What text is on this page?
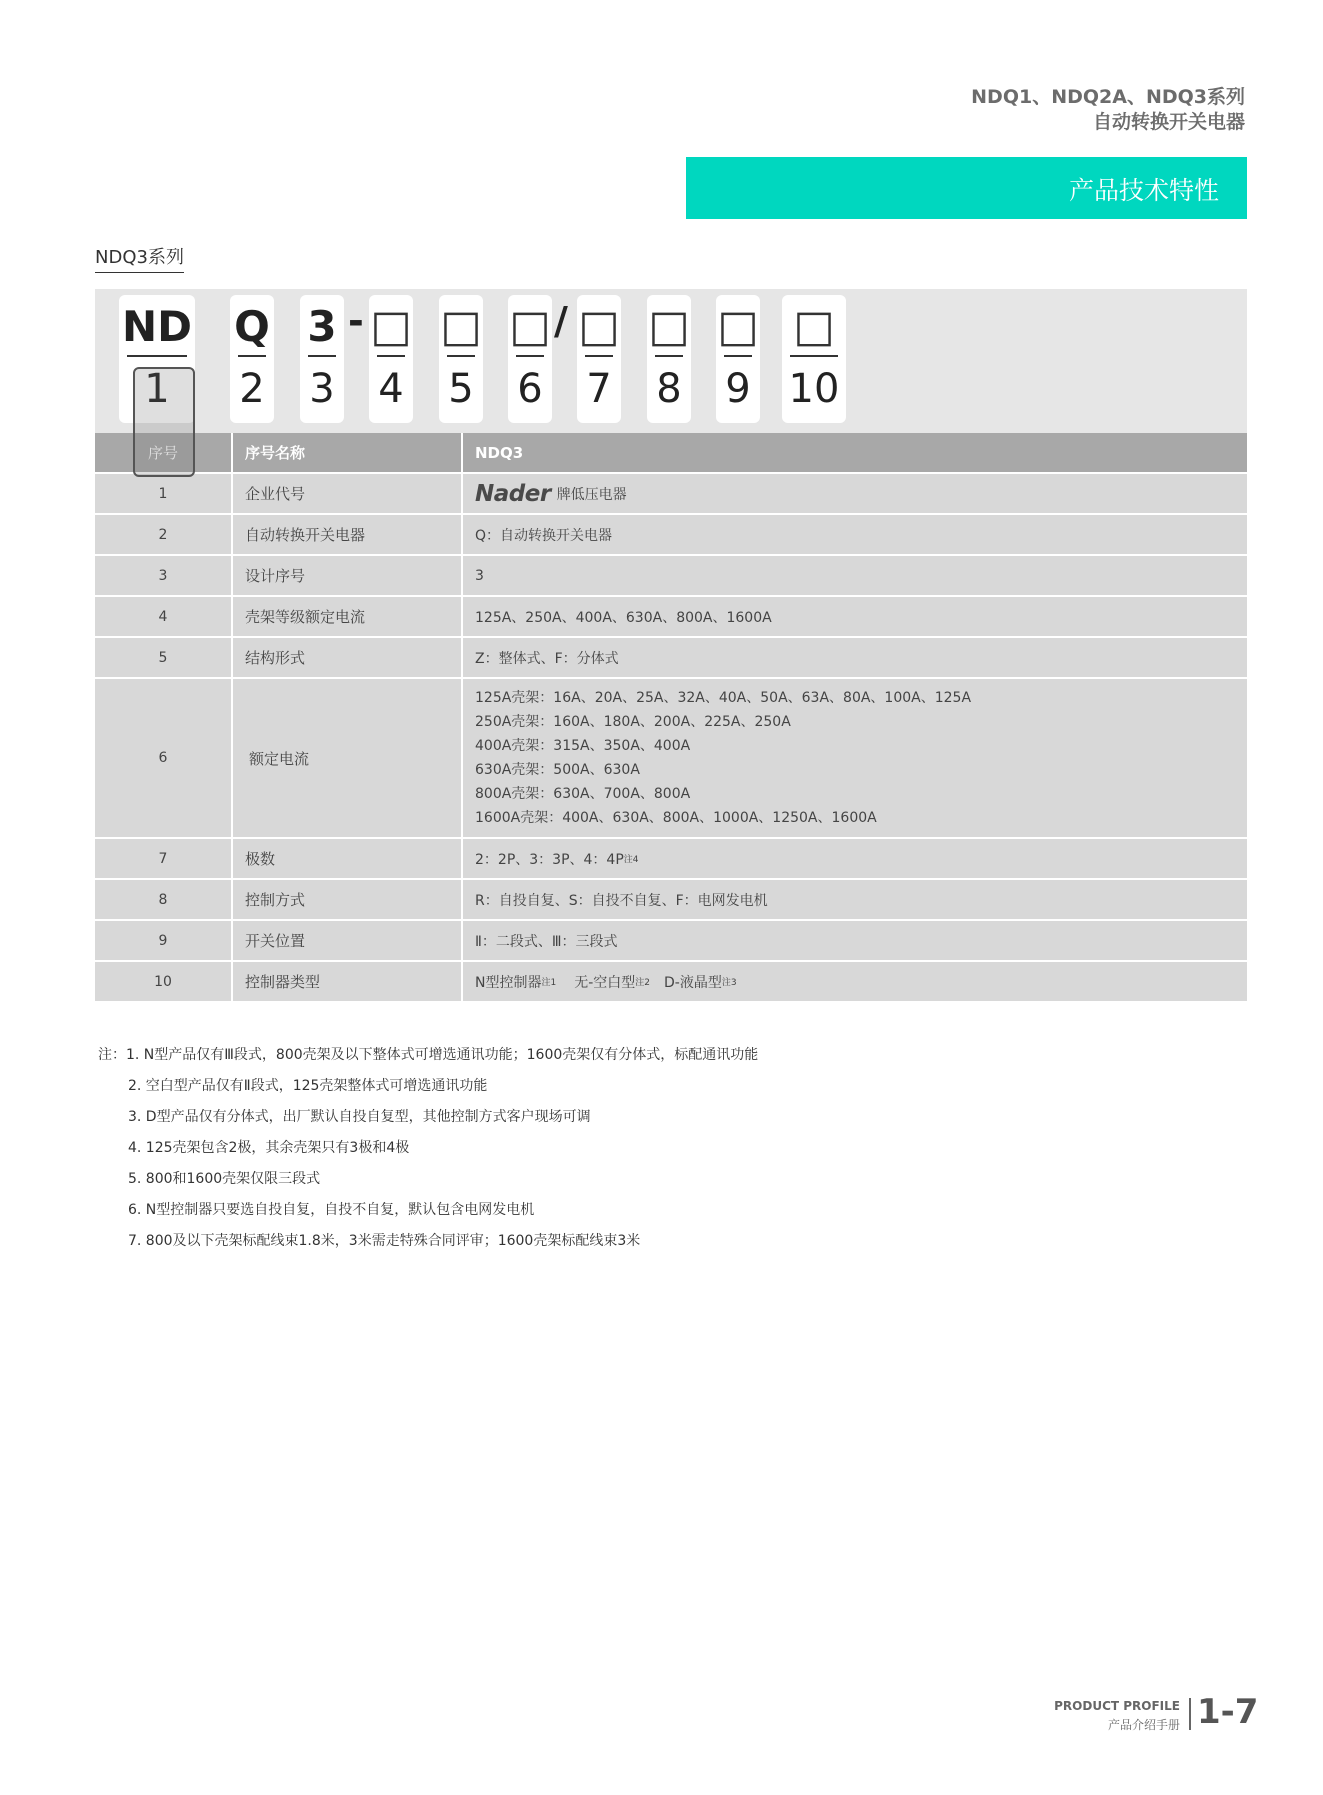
NDQ1、NDQ2A、NDQ3系列
自动转换开关电器
产品技术特性
NDQ3系列
ND
1
Q
2
3
3
- □
4
□
5
□
6
/ □
7
□
8
□
9
□
10
序号	序号名称	NDQ3
1	企业代号	Nader 牌低压电器
2	自动转换开关电器	Q：自动转换开关电器
3	设计序号	3
4	壳架等级额定电流	125A、250A、400A、630A、800A、1600A
5	结构形式	Z：整体式、F：分体式
6	额定电流
125A壳架：16A、20A、25A、32A、40A、50A、63A、80A、100A、125A
250A壳架：160A、180A、200A、225A、250A
400A壳架：315A、350A、400A
630A壳架：500A、630A
800A壳架：630A、700A、800A
1600A壳架：400A、630A、800A、1000A、1250A、1600A
7	极数	2：2P、3：3P、4：4P 注4
8	控制方式	R：自投自复、S：自投不自复、F：电网发电机
9	开关位置	Ⅱ：二段式、Ⅲ：三段式
10	控制器类型	N型控制器 注1 无-空白型 注2 D-液晶型 注3
注：1. N型产品仅有Ⅲ段式，800壳架及以下整体式可增选通讯功能；1600壳架仅有分体式，标配通讯功能
2. 空白型产品仅有Ⅱ段式，125壳架整体式可增选通讯功能
3. D型产品仅有分体式，出厂默认自投自复型，其他控制方式客户现场可调
4. 125壳架包含2极，其余壳架只有3极和4极
5. 800和1600壳架仅限三段式
6. N型控制器只要选自投自复，自投不自复，默认包含电网发电机
7. 800及以下壳架标配线束1.8米，3米需走特殊合同评审；1600壳架标配线束3米
PRODUCT PROFILE
产品介绍手册 1-7
